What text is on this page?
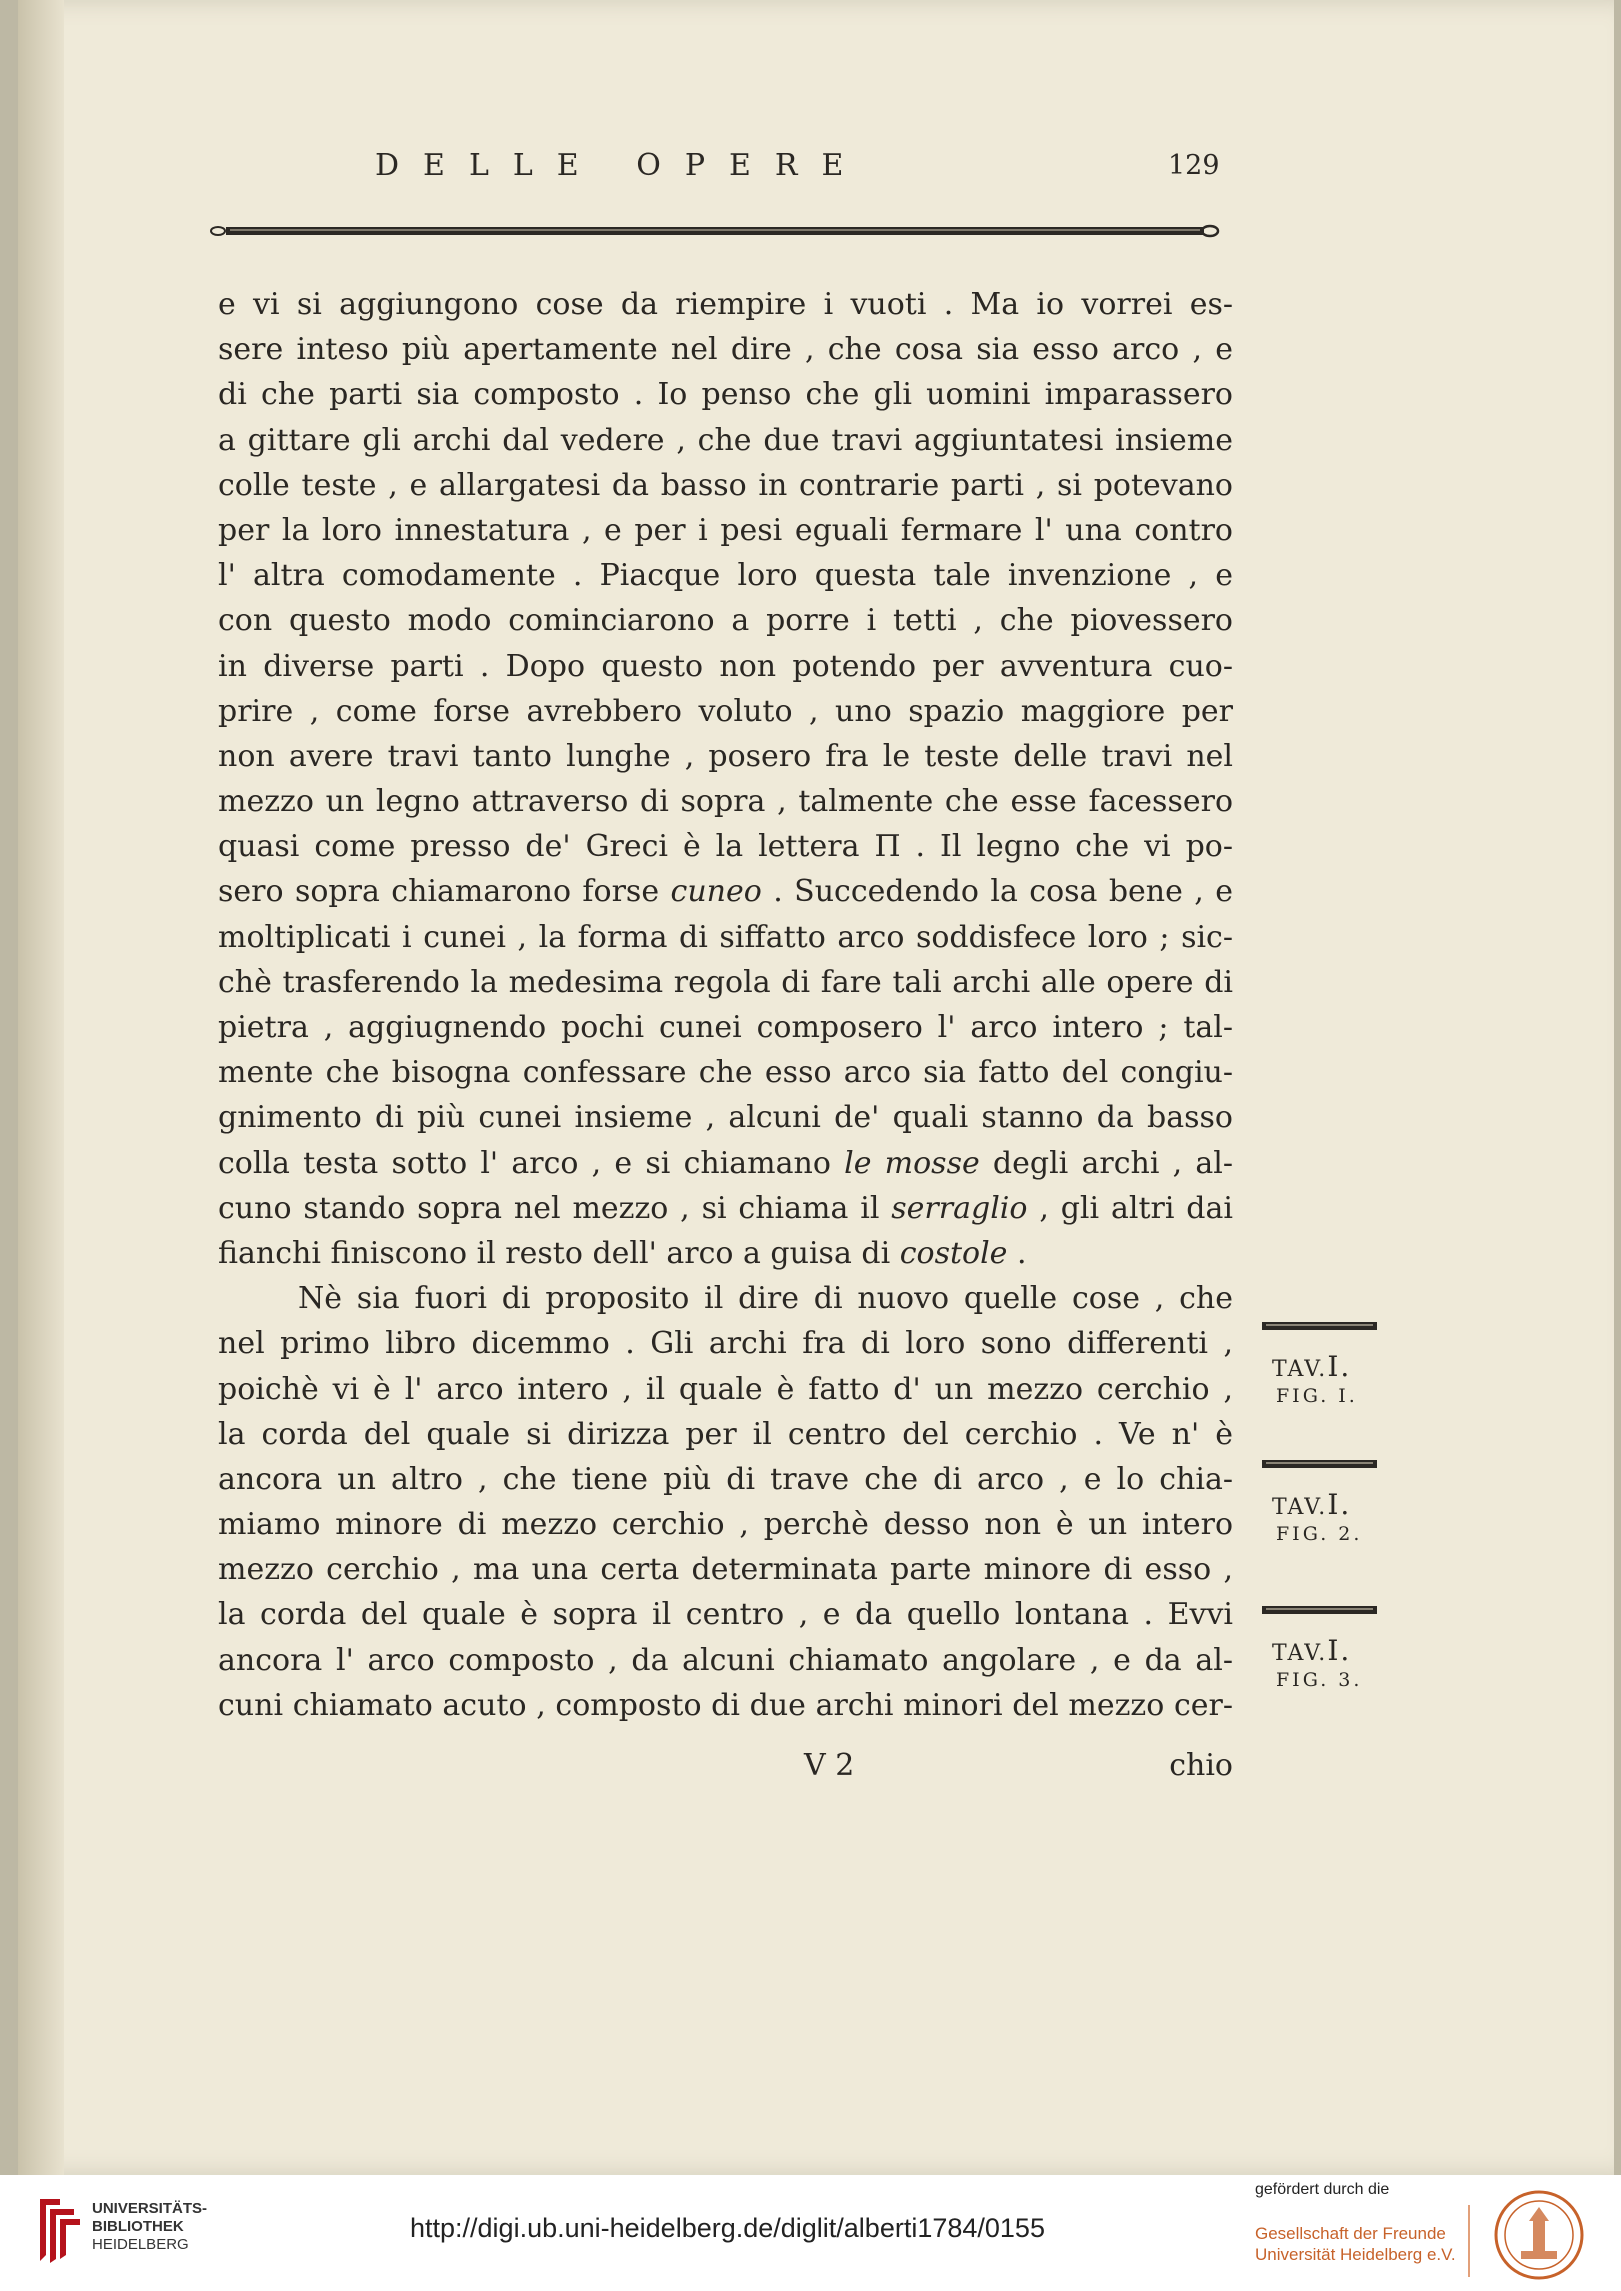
DELLE OPERE	129
e vi si aggiungono cose da riempire i vuoti . Ma io vorrei es-
sere inteso più apertamente nel dire , che cosa sia esso arco , e
di che parti sia composto . Io penso che gli uomini imparassero
a gittare gli archi dal vedere , che due travi aggiuntatesi insieme
colle teste , e allargatesi da basso in contrarie parti , si potevano
per la loro innestatura , e per i pesi eguali fermare l' una contro
l' altra comodamente . Piacque loro questa tale invenzione , e
con questo modo cominciarono a porre i tetti , che piovessero
in diverse parti . Dopo questo non potendo per avventura cuo-
prire , come forse avrebbero voluto , uno spazio maggiore per
non avere travi tanto lunghe , posero fra le teste delle travi nel
mezzo un legno attraverso di sopra , talmente che esse facessero
quasi come presso de' Greci è la lettera Π . Il legno che vi po-
sero sopra chiamarono forse cuneo . Succedendo la cosa bene , e
moltiplicati i cunei , la forma di siffatto arco soddisfece loro ; sic-
chè trasferendo la medesima regola di fare tali archi alle opere di
pietra , aggiugnendo pochi cunei composero l' arco intero ; tal-
mente che bisogna confessare che esso arco sia fatto del congiu-
gnimento di più cunei insieme , alcuni de' quali stanno da basso
colla testa sotto l' arco , e si chiamano le mosse degli archi , al-
cuno stando sopra nel mezzo , si chiama il serraglio , gli altri dai
fianchi finiscono il resto dell' arco a guisa di costole .
Nè sia fuori di proposito il dire di nuovo quelle cose , che
nel primo libro dicemmo . Gli archi fra di loro sono differenti ,
poichè vi è l' arco intero , il quale è fatto d' un mezzo cerchio ,
la corda del quale si dirizza per il centro del cerchio . Ve n' è
ancora un altro , che tiene più di trave che di arco , e lo chia-
miamo minore di mezzo cerchio , perchè desso non è un intero
mezzo cerchio , ma una certa determinata parte minore di esso ,
la corda del quale è sopra il centro , e da quello lontana . Evvi
ancora l' arco composto , da alcuni chiamato angolare , e da al-
cuni chiamato acuto , composto di due archi minori del mezzo cer-
V 2	chio
TAV.I.
FIG. I.
TAV.I.
FIG. 2.
TAV.I.
FIG. 3.
UNIVERSITÄTS-
BIBLIOTHEK
HEIDELBERG
http://digi.ub.uni-heidelberg.de/diglit/alberti1784/0155
gefördert durch die
Gesellschaft der Freunde
Universität Heidelberg e.V.
